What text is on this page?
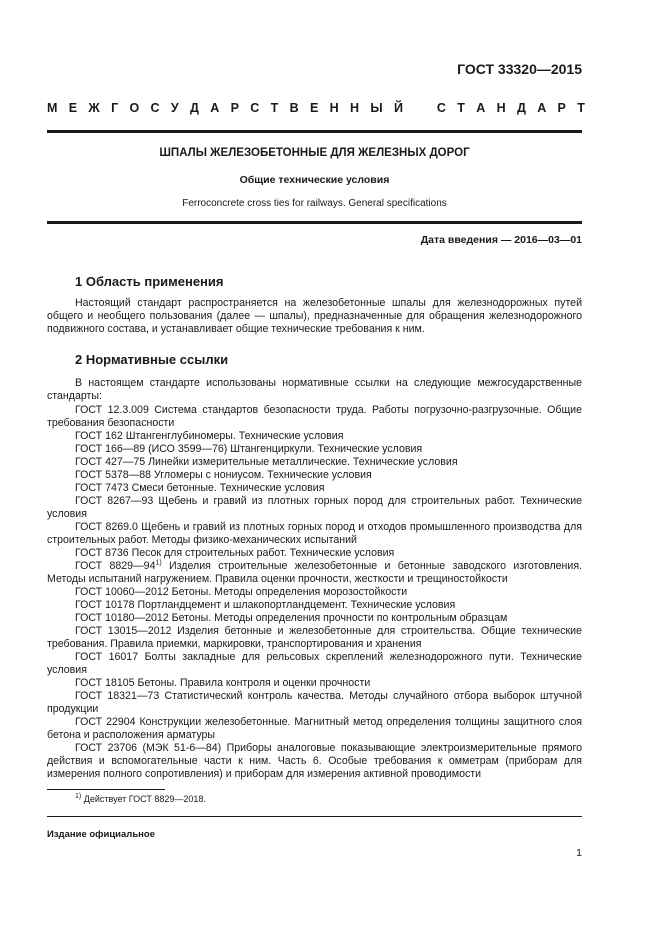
ГОСТ 33320—2015
М Е Ж Г О С У Д А Р С Т В Е Н Н Ы Й	С Т А Н Д А Р Т
ШПАЛЫ ЖЕЛЕЗОБЕТОННЫЕ ДЛЯ ЖЕЛЕЗНЫХ ДОРОГ
Общие технические условия
Ferroconcrete cross ties for railways. General specifications
Дата введения — 2016—03—01
1 Область применения

Настоящий стандарт распространяется на железобетонные шпалы для железнодорожных путей общего и необщего пользования (далее — шпалы), предназначенные для обращения железнодорожного подвижного состава, и устанавливает общие технические требования к ним.

2 Нормативные ссылки

В настоящем стандарте использованы нормативные ссылки на следующие межгосударственные стандарты:

ГОСТ 12.3.009 Система стандартов безопасности труда. Работы погрузочно-разгрузочные. Общие требования безопасности

ГОСТ 162 Штангенглубиномеры. Технические условия

ГОСТ 166—89 (ИСО 3599—76) Штангенциркули. Технические условия

ГОСТ 427—75 Линейки измерительные металлические. Технические условия

ГОСТ 5378—88 Угломеры с нониусом. Технические условия

ГОСТ 7473 Смеси бетонные. Технические условия

ГОСТ 8267—93 Щебень и гравий из плотных горных пород для строительных работ. Технические условия

ГОСТ 8269.0 Щебень и гравий из плотных горных пород и отходов промышленного производства для строительных работ. Методы физико-механических испытаний

ГОСТ 8736 Песок для строительных работ. Технические условия

ГОСТ 8829—94$^{1)}$ Изделия строительные железобетонные и бетонные заводского изготовления. Методы испытаний нагружением. Правила оценки прочности, жесткости и трещиностойкости

ГОСТ 10060—2012 Бетоны. Методы определения морозостойкости

ГОСТ 10178 Портландцемент и шлакопортландцемент. Технические условия

ГОСТ 10180—2012 Бетоны. Методы определения прочности по контрольным образцам

ГОСТ 13015—2012 Изделия бетонные и железобетонные для строительства. Общие технические требования. Правила приемки, маркировки, транспортирования и хранения

ГОСТ 16017 Болты закладные для рельсовых скреплений железнодорожного пути. Технические условия

ГОСТ 18105 Бетоны. Правила контроля и оценки прочности

ГОСТ 18321—73 Статистический контроль качества. Методы случайного отбора выборок штучной продукции

ГОСТ 22904 Конструкции железобетонные. Магнитный метод определения толщины защитного слоя бетона и расположения арматуры

ГОСТ 23706 (МЭК 51-6—84) Приборы аналоговые показывающие электроизмерительные прямого действия и вспомогательные части к ним. Часть 6. Особые требования к омметрам (приборам для измерения полного сопротивления) и приборам для измерения активной проводимости

$^{1)}$ Действует ГОСТ 8829—2018.
Издание официальное
1
